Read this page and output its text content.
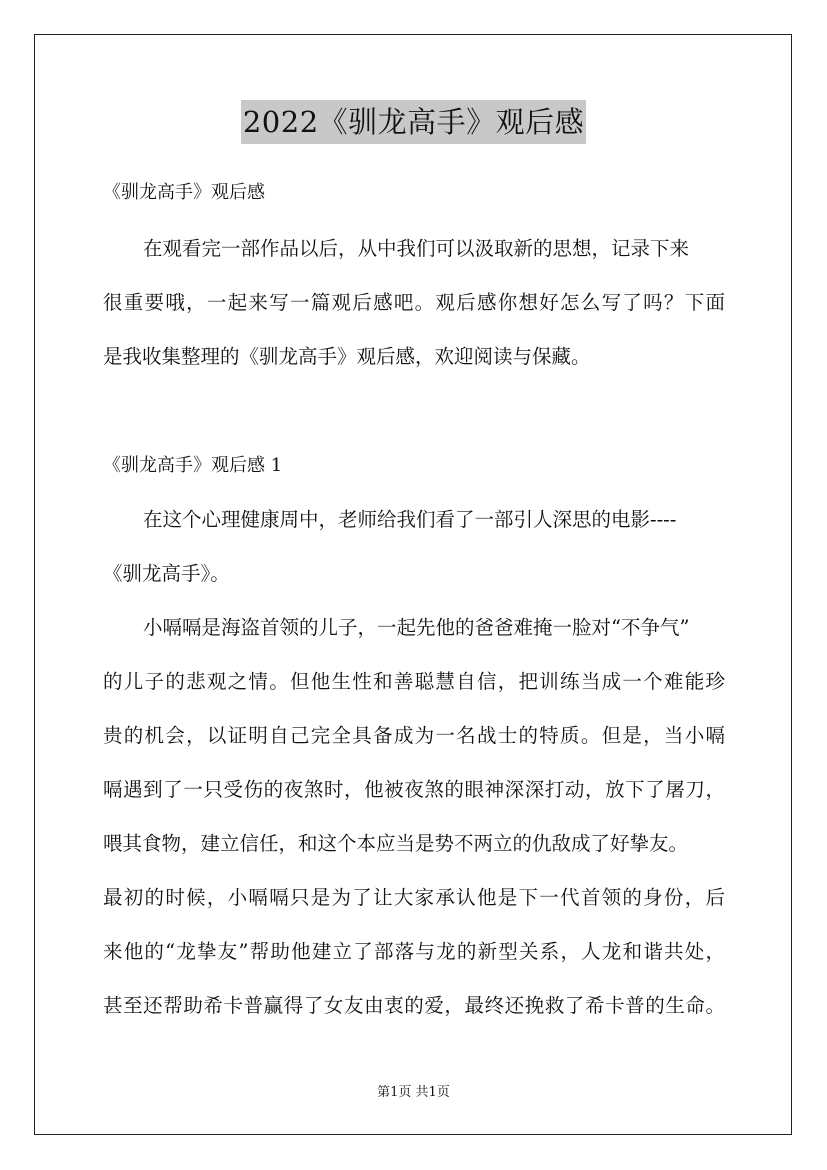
2022《驯龙高手》观后感
《驯龙高手》观后感
在观看完一部作品以后，从中我们可以汲取新的思想，记录下来
很重要哦，一起来写一篇观后感吧。观后感你想好怎么写了吗？下面
是我收集整理的《驯龙高手》观后感，欢迎阅读与保藏。
《驯龙高手》观后感 1
在这个心理健康周中，老师给我们看了一部引人深思的电影----
《驯龙高手》。
小嗝嗝是海盗首领的儿子，一起先他的爸爸难掩一脸对“不争气”
的儿子的悲观之情。但他生性和善聪慧自信，把训练当成一个难能珍
贵的机会，以证明自己完全具备成为一名战士的特质。但是，当小嗝
嗝遇到了一只受伤的夜煞时，他被夜煞的眼神深深打动，放下了屠刀，
喂其食物，建立信任，和这个本应当是势不两立的仇敌成了好挚友。
最初的时候，小嗝嗝只是为了让大家承认他是下一代首领的身份，后
来他的“龙挚友”帮助他建立了部落与龙的新型关系，人龙和谐共处，
甚至还帮助希卡普赢得了女友由衷的爱，最终还挽救了希卡普的生命。
第1页 共1页
